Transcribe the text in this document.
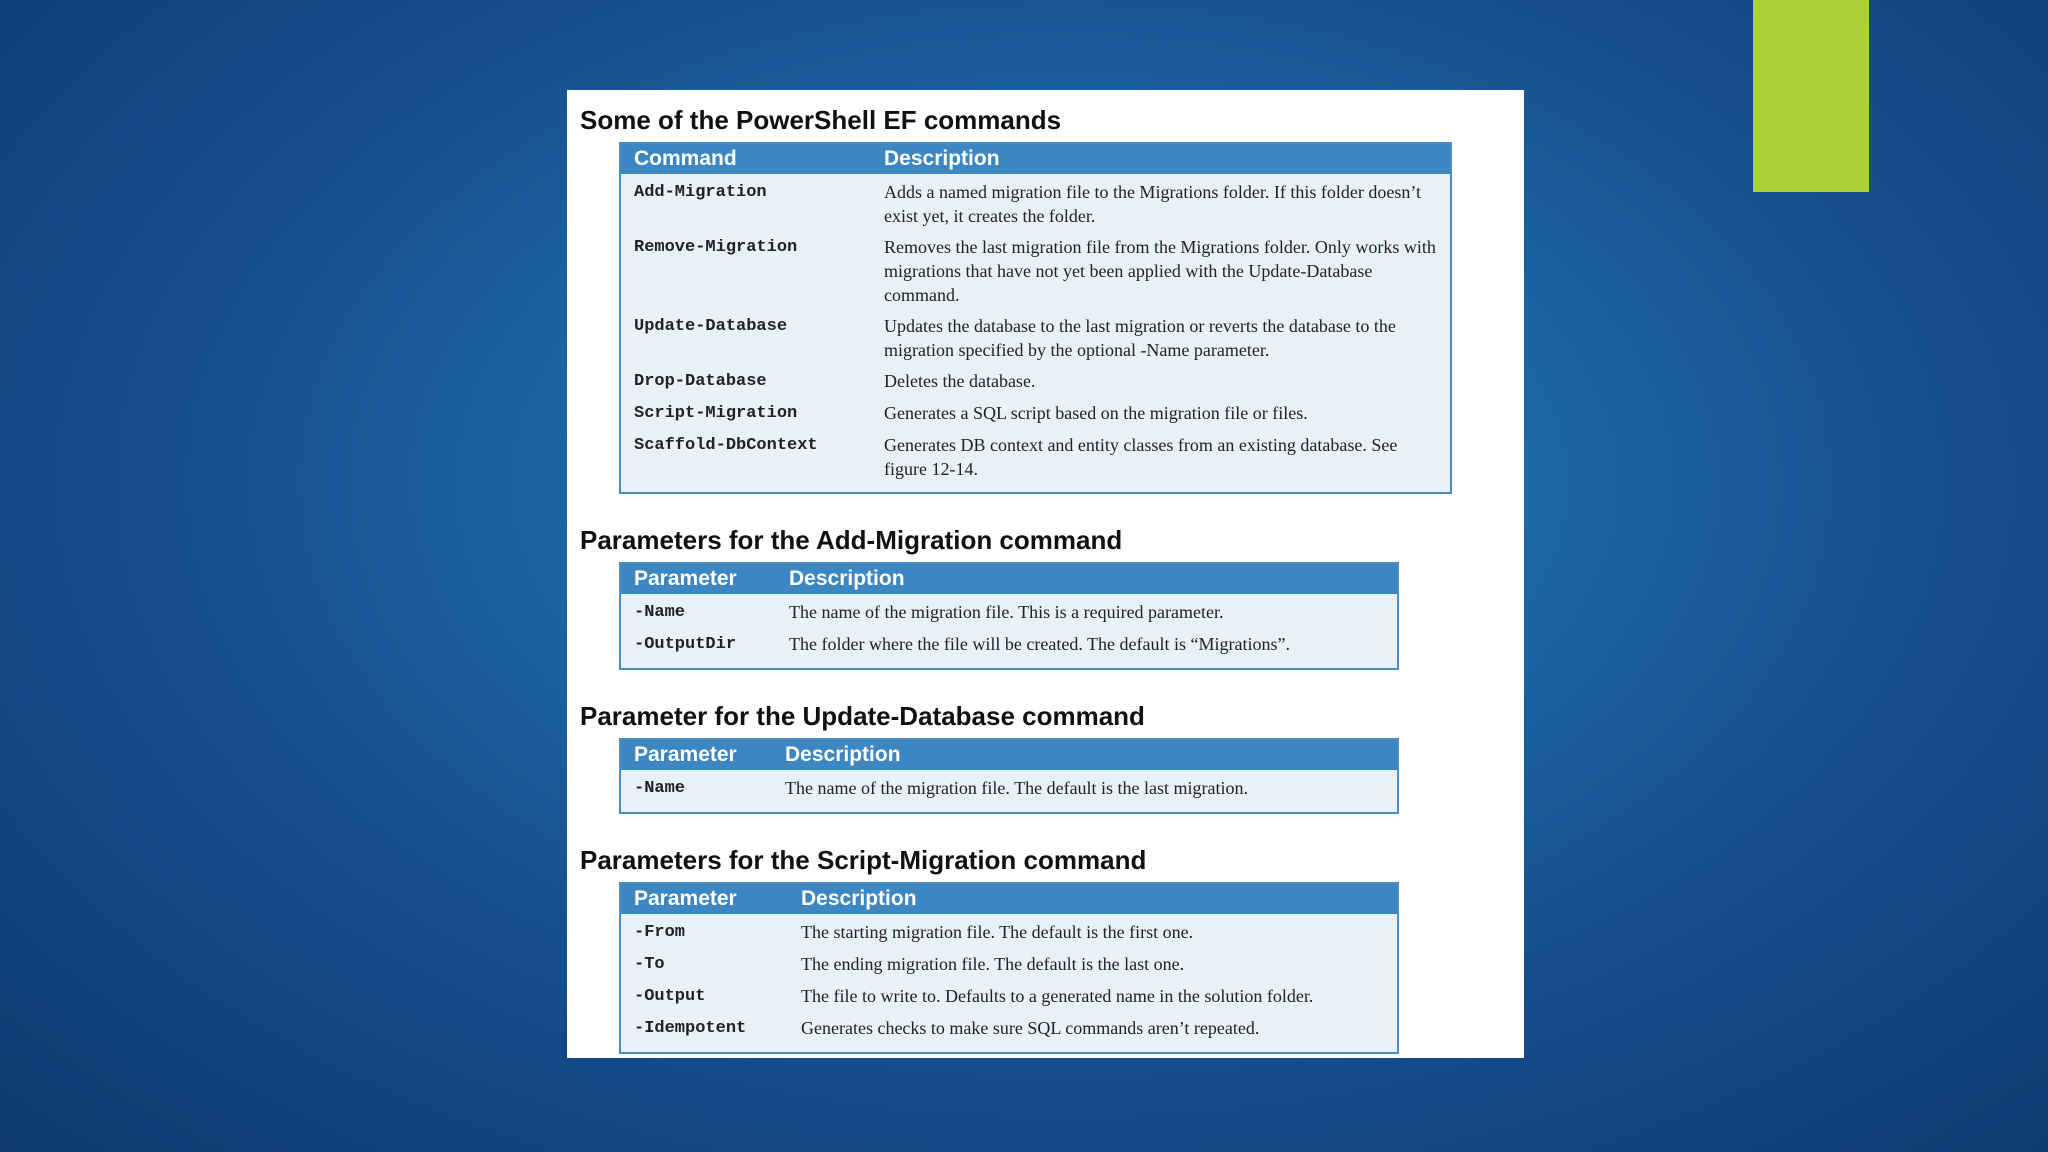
Some of the PowerShell EF commands
Command	Description
Add-Migration	Adds a named migration file to the Migrations folder. If this folder doesn’t exist yet, it creates the folder.
Remove-Migration	Removes the last migration file from the Migrations folder. Only works with migrations that have not yet been applied with the Update-Database command.
Update-Database	Updates the database to the last migration or reverts the database to the migration specified by the optional -Name parameter.
Drop-Database	Deletes the database.
Script-Migration	Generates a SQL script based on the migration file or files.
Scaffold-DbContext	Generates DB context and entity classes from an existing database. See figure 12-14.
Parameters for the Add-Migration command
Parameter	Description
-Name	The name of the migration file. This is a required parameter.
-OutputDir	The folder where the file will be created. The default is “Migrations”.
Parameter for the Update-Database command
Parameter	Description
-Name	The name of the migration file. The default is the last migration.
Parameters for the Script-Migration command
Parameter	Description
-From	The starting migration file. The default is the first one.
-To	The ending migration file. The default is the last one.
-Output	The file to write to. Defaults to a generated name in the solution folder.
-Idempotent	Generates checks to make sure SQL commands aren’t repeated.
